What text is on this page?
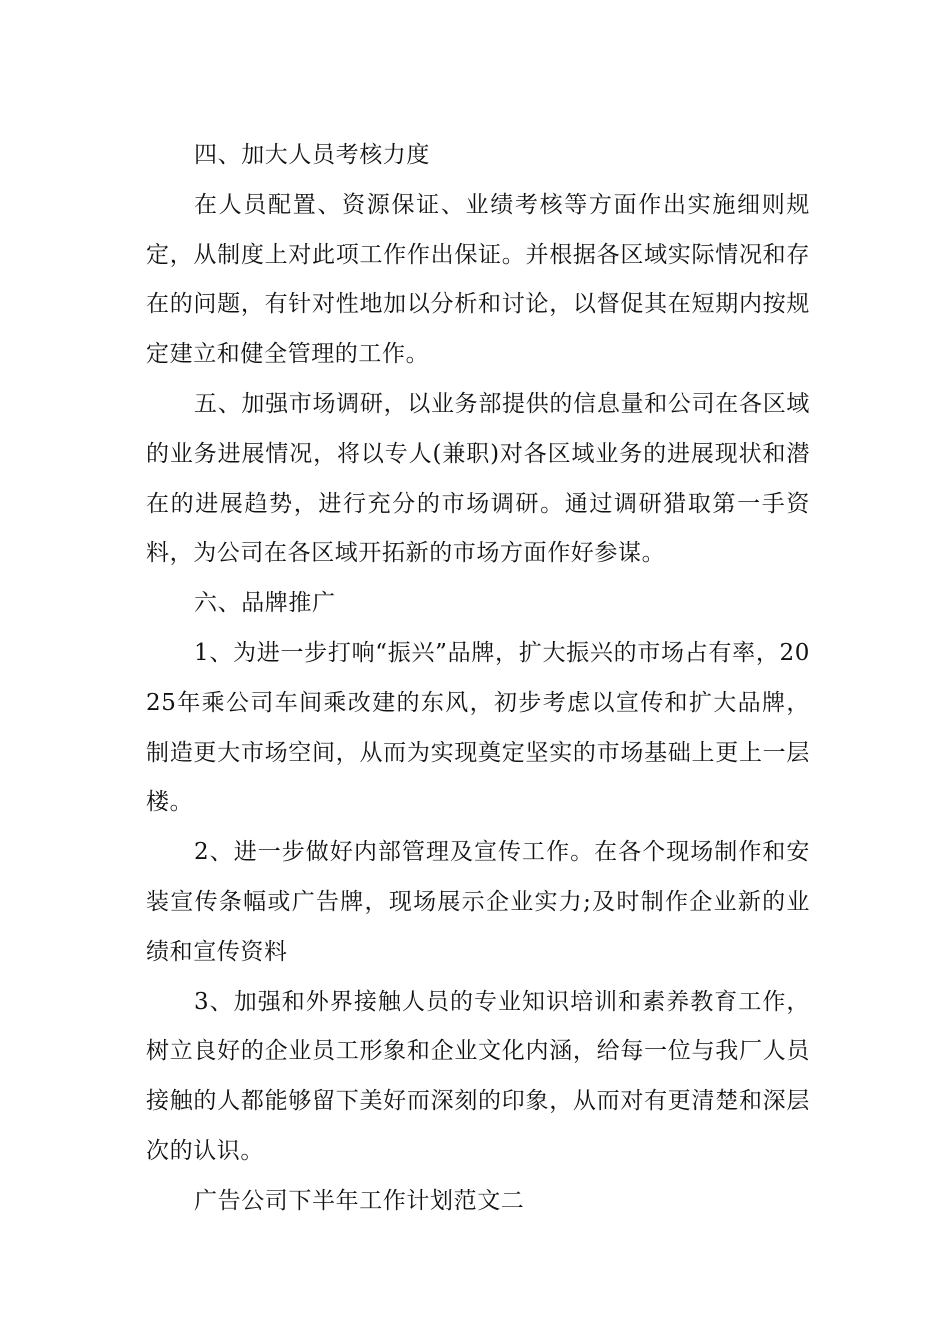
四、加大人员考核力度

在人员配置、资源保证、业绩考核等方面作出实施细则规定，从制度上对此项工作作出保证。并根据各区域实际情况和存在的问题，有针对性地加以分析和讨论，以督促其在短期内按规定建立和健全管理的工作。

五、加强市场调研，以业务部提供的信息量和公司在各区域的业务进展情况，将以专人(兼职)对各区域业务的进展现状和潜在的进展趋势，进行充分的市场调研。通过调研猎取第一手资料，为公司在各区域开拓新的市场方面作好参谋。

六、品牌推广

1、为进一步打响“振兴”品牌，扩大振兴的市场占有率，2025年乘公司车间乘改建的东风，初步考虑以宣传和扩大品牌，制造更大市场空间，从而为实现奠定坚实的市场基础上更上一层楼。

2、进一步做好内部管理及宣传工作。在各个现场制作和安装宣传条幅或广告牌，现场展示企业实力;及时制作企业新的业绩和宣传资料

3、加强和外界接触人员的专业知识培训和素养教育工作，树立良好的企业员工形象和企业文化内涵，给每一位与我厂人员接触的人都能够留下美好而深刻的印象，从而对有更清楚和深层次的认识。

广告公司下半年工作计划范文二
